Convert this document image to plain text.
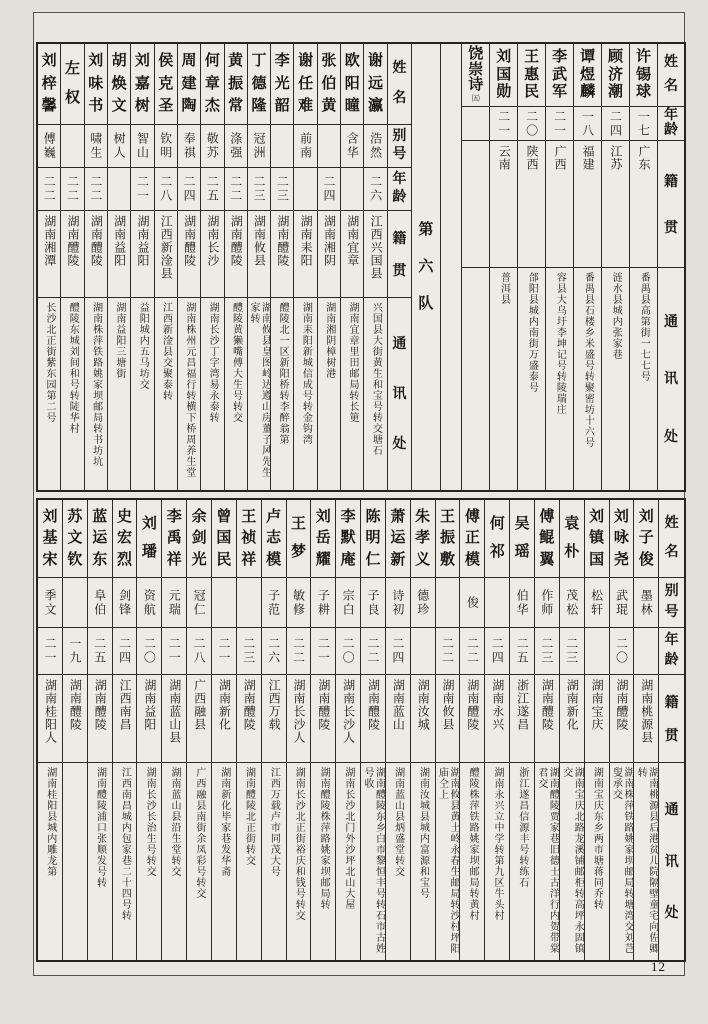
姓
名
年
龄
籍
贯
通
讯
处
许
锡
球
一七
广东
番禺县高第街一七七号
顾
济
潮
二四
江苏
涟水县城内张家巷
谭
煜
麟
一八
福建
番禺县石楼乡米盛号转聚密坊十六号
李
武
军
二一
广西
容县大乌圩李坤记号转陵瑞庄
王
惠
民
二〇
陕西
郃阳县城内南街万盛泰号
刘
国
勋
二一
云南
普洱县
饶
崇
诗
㈤
第
六
队
姓
名
别
号
年
龄
籍
贯
通
讯
处
谢
远
瀛
浩然
二六
江西兴国县
兴国县大街黄生和宝号转交塘石
欧
阳
曈
含华
湖南宜章
湖南宜章里田邮局转长筻
张
伯
黄
二四
湖南湘阴
湖南湘阴樟树港
谢
任
难
前南
湖南耒阳
湖南耒阳新城信成号转金钩湾
李
光
韶
二三
湖南醴陵
醴陵北一区新阳桥转李醉翁第
丁
德
隆
冠洲
二三
湖南攸县
湖南攸县皇图岭达遵山房董子风先生家转
黄
振
常
涤强
二二
湖南醴陵
醴陵黄獭嘴傅大生号转交
何
章
杰
敬苏
二五
湖南长沙
湖南长沙丁字湾易永泰转
周
建
陶
奉祺
二四
湖南醴陵
湖南株州元昌福行转横下桥周养生堂
侯
克
圣
钦明
二八
江西新淦县
江西新淦县交聚泰转
刘
嘉
树
智山
二一
湖南益阳
益阳城内五马坊交
胡
焕
文
树人
湖南益阳
湖南益阳三塘街
刘
味
书
啸生
二二
湖南醴陵
湖南株萍铁路姚家坝邮局转书坊坑
左
权
二二
湖南醴陵
醴陵东城刘间和号转陡华村
刘
梓
馨
傅巍
二二
湖南湘潭
长沙北正街紫东园第二号
姓
名
别
号
年
龄
籍
贯
通
讯
处
刘
子
俊
墨林
湖南桃源县
湖南桃源县后港贫儿院隔壁童宅向佐卿转
刘
咏
尧
武琨
二〇
湖南醴陵
湖南株萍铁路姚家坝邮局转塘湾交刘芑叟承交
刘
镇
国
松轩
湖南宝庆
湖南宝庆东乡两市塘蒋同乔转
袁
朴
茂松
二三
湖南新化
湖南宝庆北路龙溪铺邮柜转高坪永固镇交
傅
鲲
翼
作师
二三
湖南醴陵
湖南醴陵贾家巷旧德士古洋行内贺带棠君交
吴
瑶
伯华
二五
浙江遂昌
浙江遂昌信源丰号转练石
何
祁
二四
湖南永兴
湖南永兴立中学转第九区牛头村
傅
正
模
俊
二二
湖南醴陵
醴陵株萍铁路姚家坝邮局转黄村
王
振
敷
二二
湖南攸县
湖南攸县黄土岭永春生邮局转沙村坪阳庙仝上
朱
孝
义
德珍
湖南汝城
湖南汝城县城内富源和宝号
萧
运
新
诗初
二四
湖南蓝山
湖南蓝山县炳盛堂转交
陈
明
仁
子良
二二
湖南醴陵
湖南醴陵东乡白市黎恒丰号转石市古姓号收
李
默
庵
宗白
二〇
湖南长沙人
湖南长沙北门外沙坪北山大屋
刘
岳
耀
子耕
二一
湖南醴陵
湖南醴陵株萍路姚家坝邮局转
王
梦
敏修
二二
湖南长沙人
湖南长沙北正街裕庆和钱号转交
卢
志
模
子范
二六
江西万载
江西万载卢市同茂大号
王
祯
祥
二三
湖南醴陵
湖南醴陵北正街转交
曾
国
民
二一
湖南新化
湖南新化毕家巷发华斋
余
剑
光
冠仁
二八
广西融县
广西融县南街余凤彩号转交
李
禹
祥
元瑞
二一
湖南蓝山县
湖南蓝山县沿生堂转交
刘
璠
资航
二〇
湖南益阳
湖南长沙长治生号转交
史
宏
烈
剑锋
二四
江西南昌
江西南昌城内包家巷二十四号转
蓝
运
东
阜伯
二五
湖南醴陵
湖南醴陵浦口张顺发号转
苏
文
钦
一九
湖南醴陵
刘
基
宋
季文
二一
湖南桂阳人
湖南桂阳县城内雕龙第
12
